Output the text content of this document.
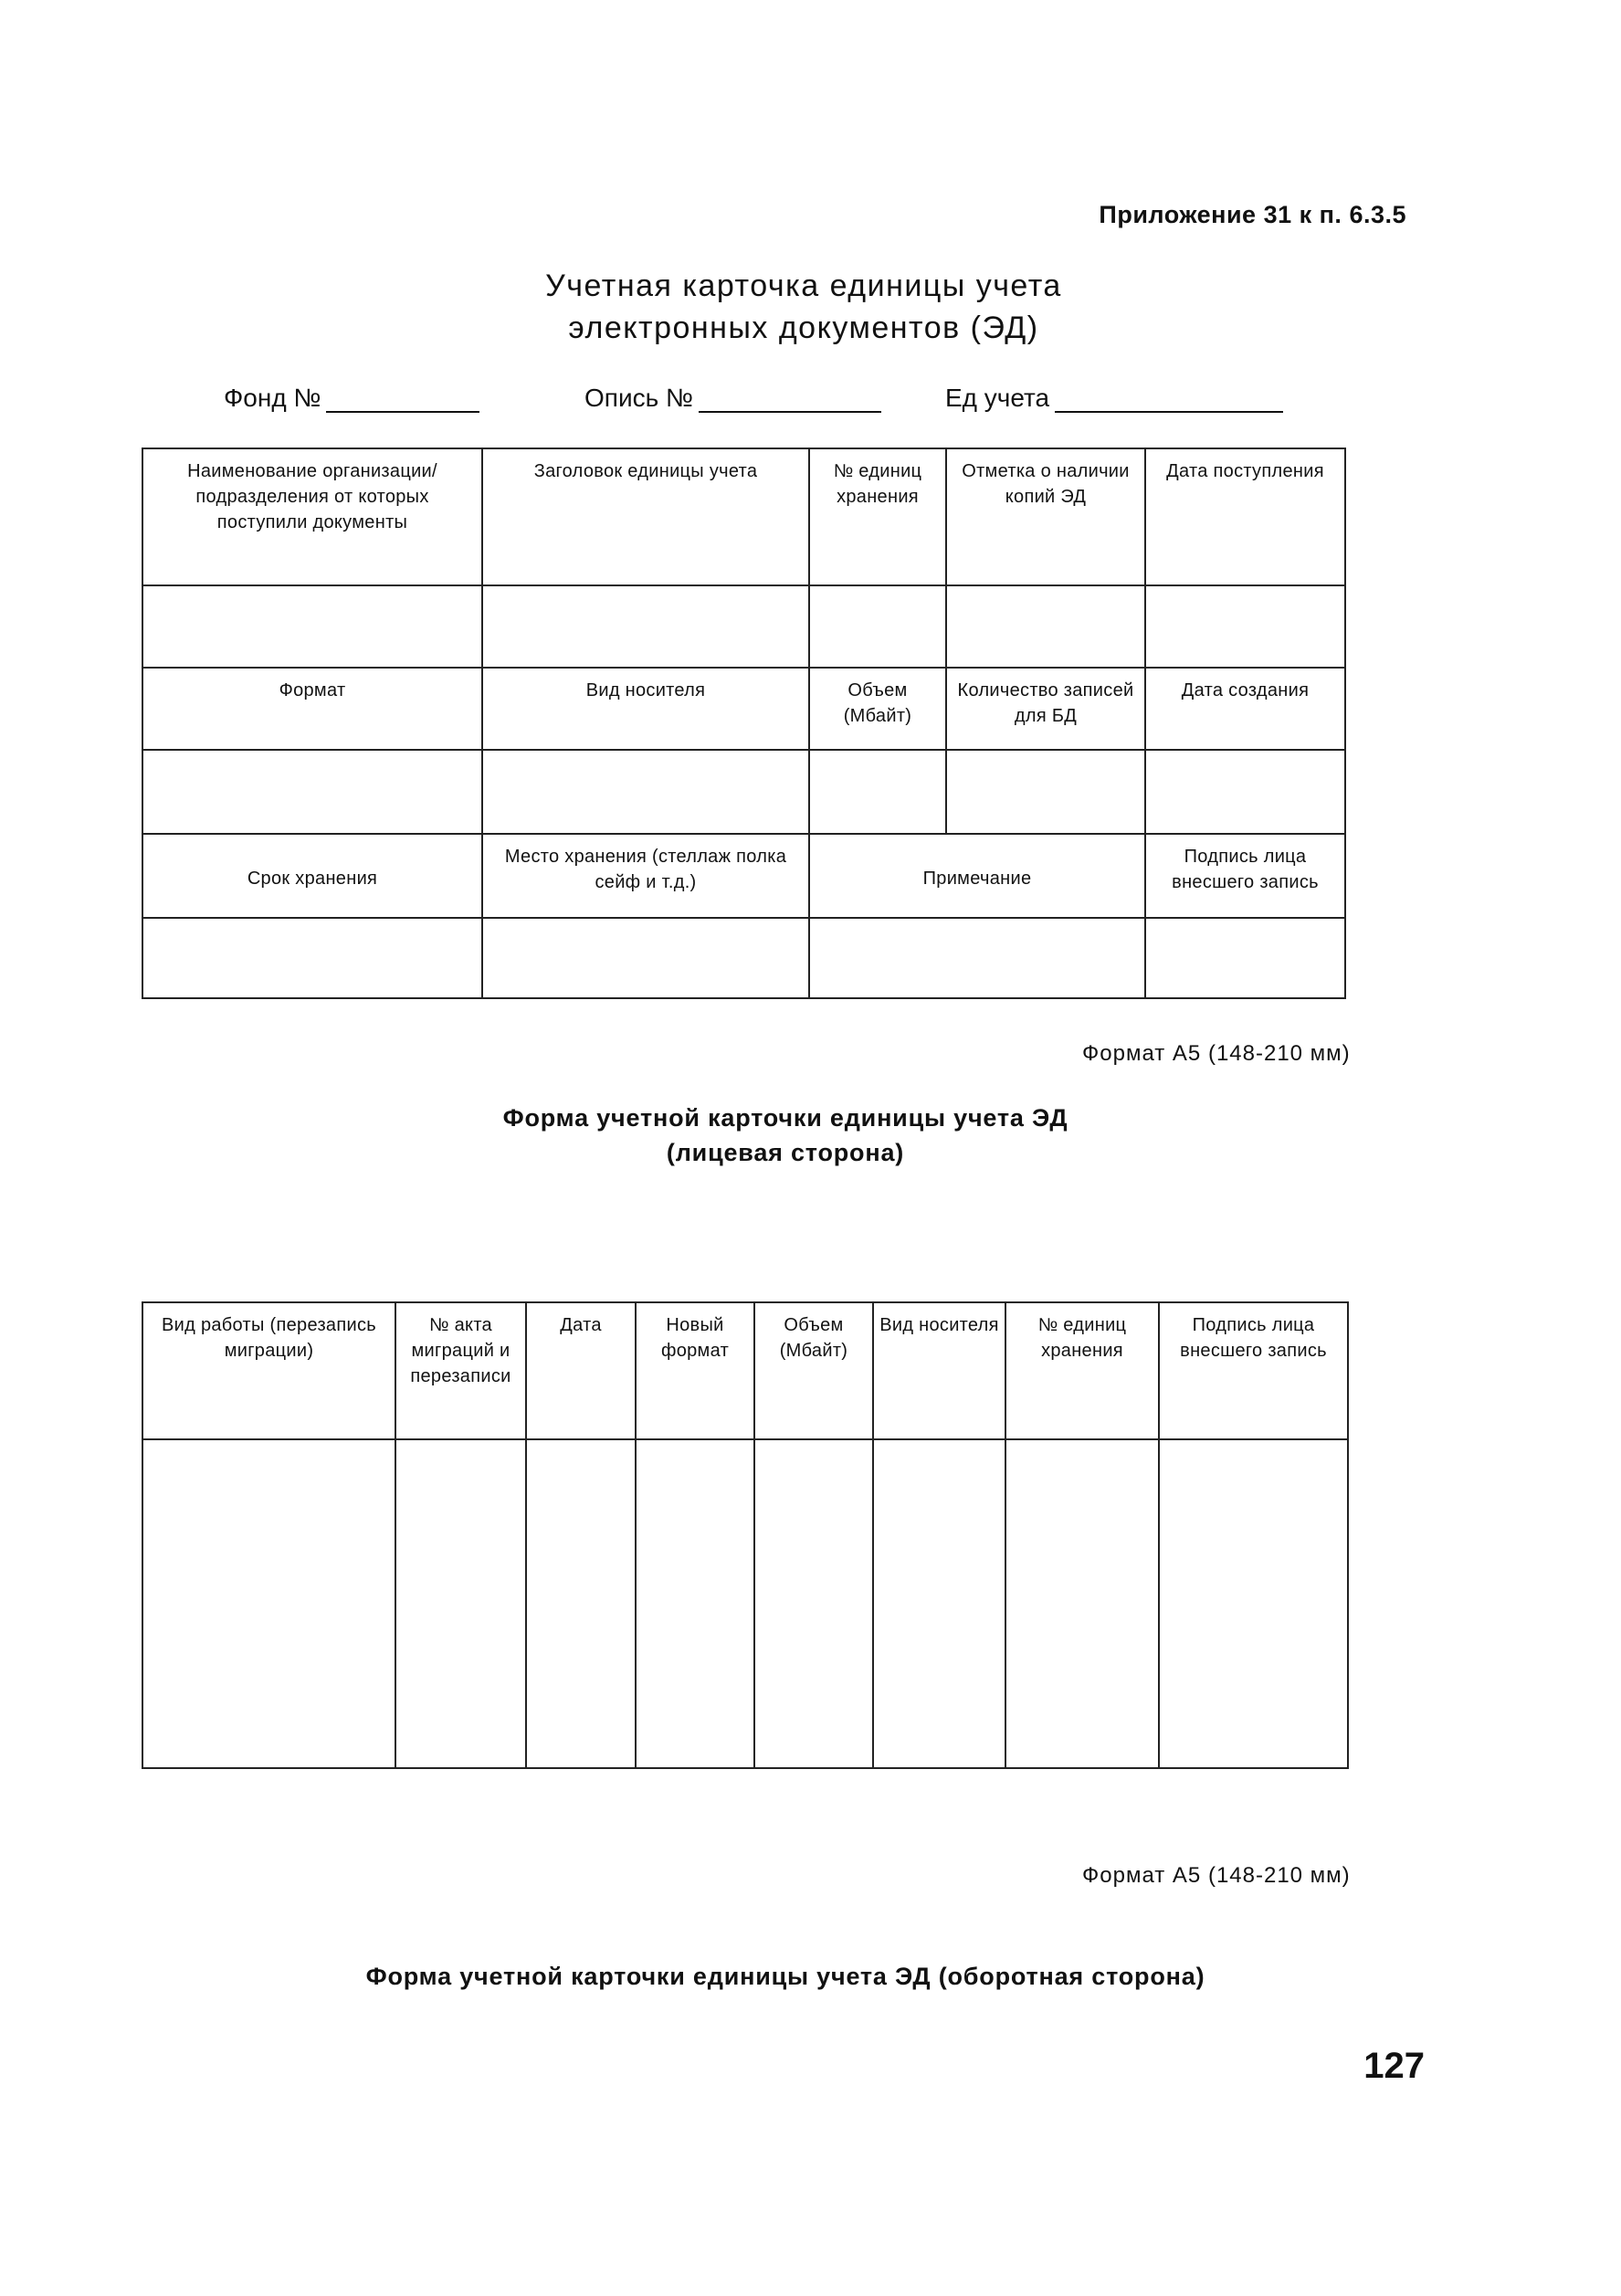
Приложение 31 к п. 6.3.5
Учетная карточка единицы учета
электронных документов (ЭД)
Фонд №	Опись №	Ед учета
Наименование организации/подразделения от которых поступили документы	Заголовок единицы учета	№ единиц хранения	Отметка о наличии копий ЭД	Дата поступления

Формат	Вид носителя	Объем (Мбайт)	Количество записей для БД	Дата создания

Срок хранения	Место хранения (стеллаж полка сейф и т.д.)	Примечание		Подпись лица внесшего запись

Формат А5 (148-210 мм)
Форма учетной карточки единицы учета ЭД
(лицевая сторона)
Вид работы (перезапись миграции)	№ акта миграций и перезаписи	Дата	Новый формат	Объем (Мбайт)	Вид носителя	№ единиц хранения	Подпись лица внесшего запись

Формат А5 (148-210 мм)
Форма учетной карточки единицы учета ЭД (оборотная сторона)
127
